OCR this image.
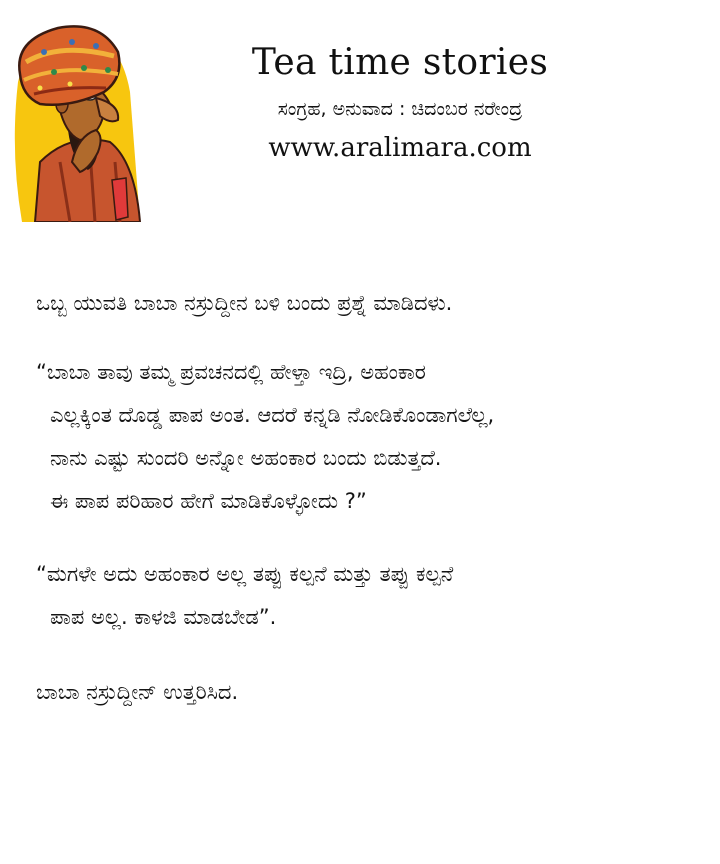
Tea time stories
ಸಂಗ್ರಹ, ಅನುವಾದ : ಚಿದಂಬರ ನರೇಂದ್ರ
www.aralimara.com

ಒಬ್ಬ ಯುವತಿ ಬಾಬಾ ನಸ್ರುದ್ದೀನ ಬಳಿ ಬಂದು ಪ್ರಶ್ನೆ ಮಾಡಿದಳು.

“ಬಾಬಾ ತಾವು ತಮ್ಮ ಪ್ರವಚನದಲ್ಲಿ ಹೇಳ್ತಾ ಇದ್ರಿ, ಅಹಂಕಾರ

ಎಲ್ಲಕ್ಕಿಂತ ದೊಡ್ಡ ಪಾಪ ಅಂತ. ಆದರೆ ಕನ್ನಡಿ ನೋಡಿಕೊಂಡಾಗಲೆಲ್ಲ,

ನಾನು ಎಷ್ಟು ಸುಂದರಿ ಅನ್ನೋ ಅಹಂಕಾರ ಬಂದು ಬಿಡುತ್ತದೆ.

ಈ ಪಾಪ ಪರಿಹಾರ ಹೇಗೆ ಮಾಡಿಕೊಳ್ಳೋದು ?”

“ಮಗಳೇ ಅದು ಅಹಂಕಾರ ಅಲ್ಲ ತಪ್ಪು ಕಲ್ಪನೆ ಮತ್ತು ತಪ್ಪು ಕಲ್ಪನೆ

ಪಾಪ ಅಲ್ಲ. ಕಾಳಜಿ ಮಾಡಬೇಡ”.

ಬಾಬಾ ನಸ್ರುದ್ದೀನ್ ಉತ್ತರಿಸಿದ.
